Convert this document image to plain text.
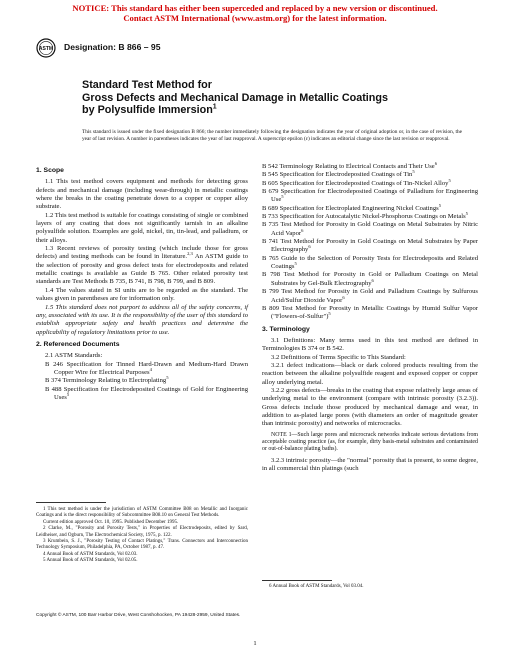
NOTICE: This standard has either been superceded and replaced by a new version or discontinued.
Contact ASTM International (www.astm.org) for the latest information.
ASTM Designation: B 866 – 95
Standard Test Method for
Gross Defects and Mechanical Damage in Metallic Coatings
by Polysulfide Immersion$^1$
This standard is issued under the fixed designation B 866; the number immediately following the designation indicates the year of original adoption or, in the case of revision, the year of last revision. A number in parentheses indicates the year of last reapproval. A superscript epsilon (ε) indicates an editorial change since the last revision or reapproval.

1. Scope

1.1 This test method covers equipment and methods for detecting gross defects and mechanical damage (including wear-through) in metallic coatings where the breaks in the coating penetrate down to a copper or copper alloy substrate.

1.2 This test method is suitable for coatings consisting of single or combined layers of any coating that does not significantly tarnish in an alkaline polysulfide solution. Examples are gold, nickel, tin, tin-lead, and palladium, or their alloys.

1.3 Recent reviews of porosity testing (which include those for gross defects) and testing methods can be found in literature.$^{2,3}$ An ASTM guide to the selection of porosity and gross defect tests for electrodeposits and related metallic coatings is available as Guide B 765. Other related porosity test standards are Test Methods B 735, B 741, B 798, B 799, and B 809.

1.4 The values stated in SI units are to be regarded as the standard. The values given in parentheses are for information only.

1.5 This standard does not purport to address all of the safety concerns, if any, associated with its use. It is the responsibility of the user of this standard to establish appropriate safety and health practices and determine the applicability of regulatory limitations prior to use.

2. Referenced Documents

2.1 ASTM Standards:

B 246 Specification for Tinned Hard-Drawn and Medium-Hard Drawn Copper Wire for Electrical Purposes$^4$

B 374 Terminology Relating to Electroplating$^5$

B 488 Specification for Electrodeposited Coatings of Gold for Engineering Uses$^5$

1 This test method is under the jurisdiction of ASTM Committee B08 on Metallic and Inorganic Coatings and is the direct responsibility of Subcommittee B08.10 on General Test Methods.

Current edition approved Oct. 10, 1995. Published December 1995.

2 Clarke, M., "Porosity and Porosity Tests," in Properties of Electrodeposits, edited by Sard, Leidheiser, and Ogburn, The Electrochemical Society, 1975, p. 122.

3 Krumbein, S. J., "Porosity Testing of Contact Platings," Trans. Connectors and Interconnection Technology Symposium, Philadelphia, PA, October 1987, p. 47.

4 Annual Book of ASTM Standards, Vol 02.03.

5 Annual Book of ASTM Standards, Vol 02.05.

B 542 Terminology Relating to Electrical Contacts and Their Use$^6$

B 545 Specification for Electrodeposited Coatings of Tin$^5$

B 605 Specification for Electrodeposited Coatings of Tin-Nickel Alloy$^5$

B 679 Specification for Electrodeposited Coatings of Palladium for Engineering Use$^5$

B 689 Specification for Electroplated Engineering Nickel Coatings$^5$

B 733 Specification for Autocatalytic Nickel-Phosphorus Coatings on Metals$^5$

B 735 Test Method for Porosity in Gold Coatings on Metal Substrates by Nitric Acid Vapor$^6$

B 741 Test Method for Porosity in Gold Coatings on Metal Substrates by Paper Electrography$^6$

B 765 Guide to the Selection of Porosity Tests for Electrodeposits and Related Coatings$^5$

B 798 Test Method for Porosity in Gold or Palladium Coatings on Metal Substrates by Gel-Bulk Electrography$^6$

B 799 Test Method for Porosity in Gold and Palladium Coatings by Sulfurous Acid/Sulfur Dioxide Vapor$^6$

B 809 Test Method for Porosity in Metallic Coatings by Humid Sulfur Vapor ("Flowers-of-Sulfur")$^5$

3. Terminology

3.1 Definitions: Many terms used in this test method are defined in Terminologies B 374 or B 542.

3.2 Definitions of Terms Specific to This Standard:

3.2.1 defect indications—black or dark colored products resulting from the reaction between the alkaline polysulfide reagent and exposed copper or copper alloy underlying metal.

3.2.2 gross defects—breaks in the coating that expose relatively large areas of underlying metal to the environment (compare with intrinsic porosity (3.2.3)). Gross defects include those produced by mechanical damage and wear, in addition to as-plated large pores (with diameters an order of magnitude greater than intrinsic porosity) and networks of microcracks.

NOTE 1—Such large pores and microcrack networks indicate serious deviations from acceptable coating practice (as, for example, dirty basis-metal substrates and contaminated or out-of-balance plating baths).

3.2.3 intrinsic porosity—the "normal" porosity that is present, to some degree, in all commercial thin platings (such

6 Annual Book of ASTM Standards, Vol 03.04.

Copyright © ASTM, 100 Barr Harbor Drive, West Conshohocken, PA 19428-2959, United States.
1
